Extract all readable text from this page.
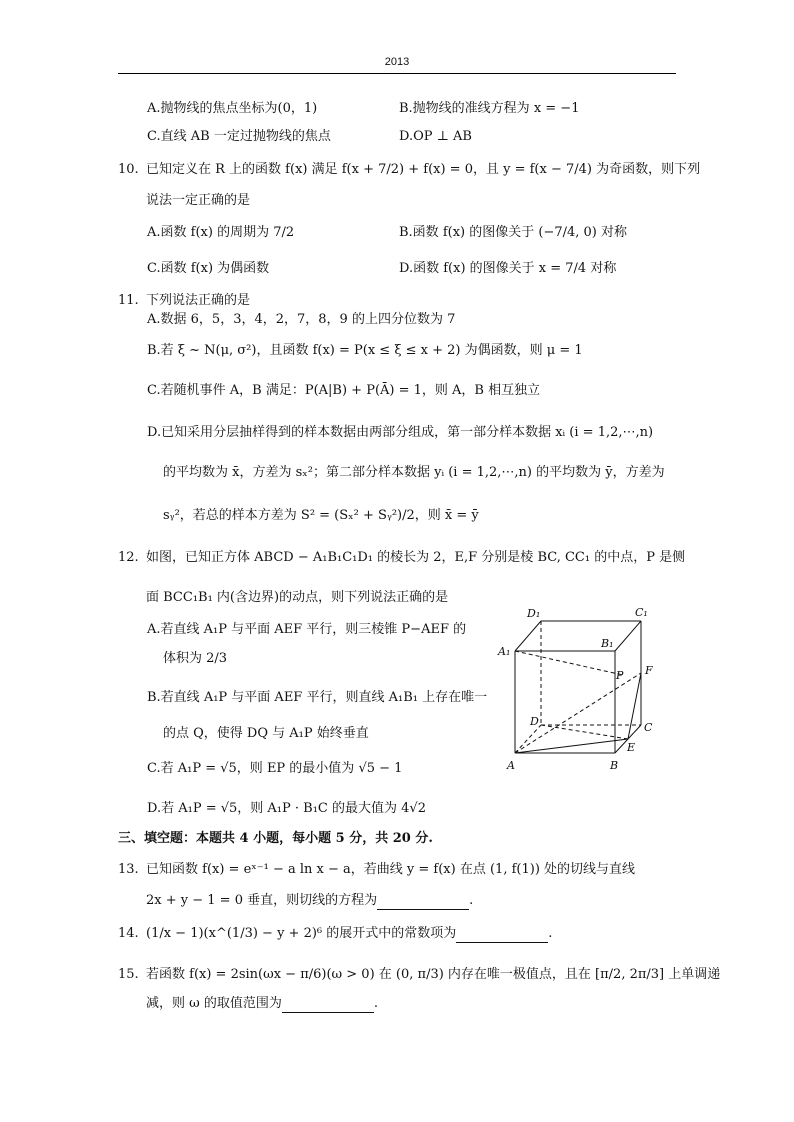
2013
A.抛物线的焦点坐标为(0，1)	B.抛物线的准线方程为 x = −1
C.直线 AB 一定过抛物线的焦点	D.OP ⊥ AB
10. 已知定义在 R 上的函数 f(x) 满足 f(x + 7/2) + f(x) = 0，且 y = f(x − 7/4) 为奇函数，则下列
说法一定正确的是
A.函数 f(x) 的周期为 7/2	B.函数 f(x) 的图像关于 (−7/4, 0) 对称
C.函数 f(x) 为偶函数	D.函数 f(x) 的图像关于 x = 7/4 对称
11. 下列说法正确的是
A.数据 6，5，3，4，2，7，8，9 的上四分位数为 7
B.若 ξ ~ N(μ, σ²)，且函数 f(x) = P(x ≤ ξ ≤ x + 2) 为偶函数，则 μ = 1
C.若随机事件 A，B 满足：P(A|B) + P(Ā) = 1，则 A，B 相互独立
D.已知采用分层抽样得到的样本数据由两部分组成，第一部分样本数据 xᵢ (i = 1,2,⋯,n)
的平均数为 x̄，方差为 sₓ²；第二部分样本数据 yᵢ (i = 1,2,⋯,n) 的平均数为 ȳ，方差为
sᵧ²，若总的样本方差为 S² = (Sₓ² + Sᵧ²)/2，则 x̄ = ȳ
12. 如图，已知正方体 ABCD − A₁B₁C₁D₁ 的棱长为 2，E,F 分别是棱 BC, CC₁ 的中点，P 是侧
面 BCC₁B₁ 内(含边界)的动点，则下列说法正确的是
A.若直线 A₁P 与平面 AEF 平行，则三棱锥 P−AEF 的
体积为 2/3
B.若直线 A₁P 与平面 AEF 平行，则直线 A₁B₁ 上存在唯一
的点 Q，使得 DQ 与 A₁P 始终垂直
C.若 A₁P = √5，则 EP 的最小值为 √5 − 1
D.若 A₁P = √5，则 A₁P · B₁C 的最大值为 4√2
D₁	C₁
A₁
B₁
P F
D	C
E
A	B
三、填空题：本题共 4 小题，每小题 5 分，共 20 分.
13. 已知函数 f(x) = eˣ⁻¹ − a ln x − a，若曲线 y = f(x) 在点 (1, f(1)) 处的切线与直线
2x + y − 1 = 0 垂直，则切线的方程为	.
14. (1/x − 1)(x^(1/3) − y + 2)⁶ 的展开式中的常数项为	.
15. 若函数 f(x) = 2sin(ωx − π/6)(ω > 0) 在 (0, π/3) 内存在唯一极值点，且在 [π/2, 2π/3] 上单调递
减，则 ω 的取值范围为	.
